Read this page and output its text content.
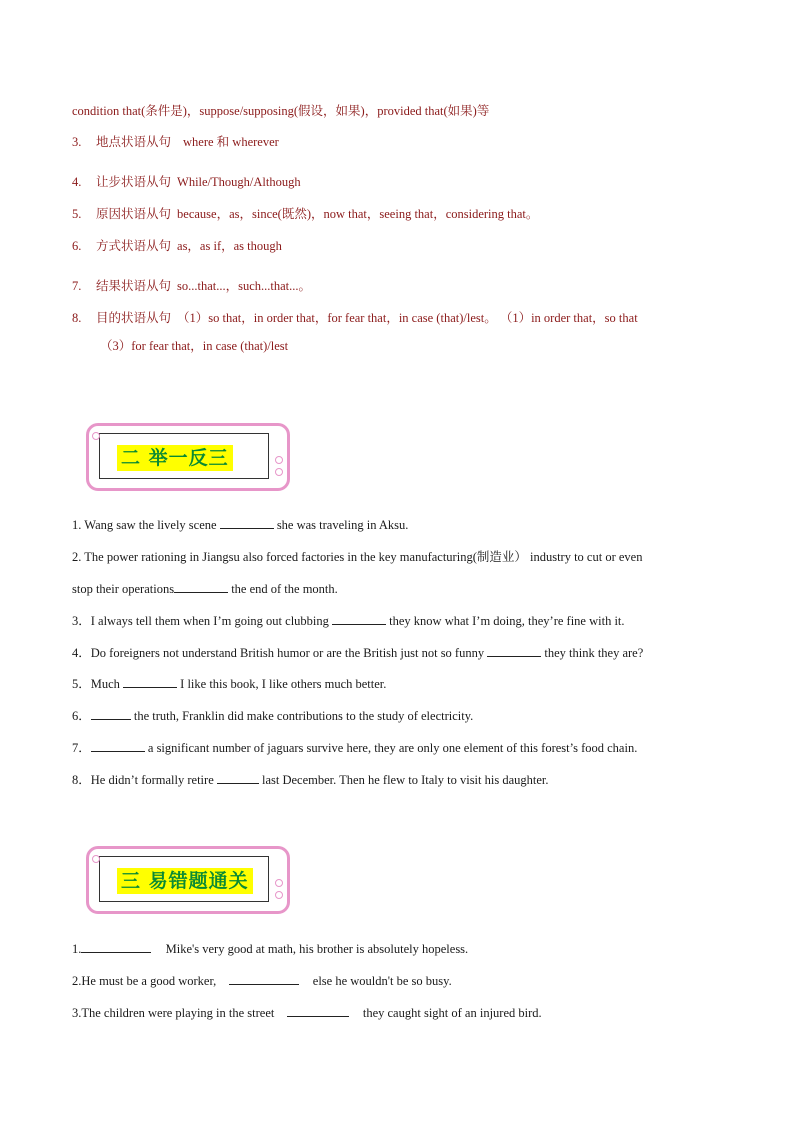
condition that(条件是)，suppose/supposing(假设，如果)，provided that(如果)等
3. 地点状语从句 where 和 wherever
4. 让步状语从句 While/Though/Although
5. 原因状语从句 because，as，since(既然)，now that，seeing that，considering that。
6. 方式状语从句 as，as if，as though
7. 结果状语从句 so...that...，such...that...。
8. 目的状语从句 （1）so that，in order that，for fear that，in case (that)/lest。 （1）in order that，so that
（3）for fear that，in case (that)/lest
二 举一反三
1. Wang saw the lively scene	she was traveling in Aksu.
2. The power rationing in Jiangsu also forced factories in the key manufacturing(制造业） industry to cut or even
stop their operations	the end of the month.
3．I always tell them when I’m going out clubbing	they know what I’m doing, they’re fine with it.
4．Do foreigners not understand British humor or are the British just not so funny	they think they are?
5．Much	I like this book, I like others much better.
6．	the truth, Franklin did make contributions to the study of electricity.
7．	a significant number of jaguars survive here, they are only one element of this forest’s food chain.
8．He didn’t formally retire	last December. Then he flew to Italy to visit his daughter.
三 易错题通关
1.	Mike's very good at math, his brother is absolutely hopeless.
2.He must be a good worker,	else he wouldn't be so busy.
3.The children were playing in the street	they caught sight of an injured bird.
